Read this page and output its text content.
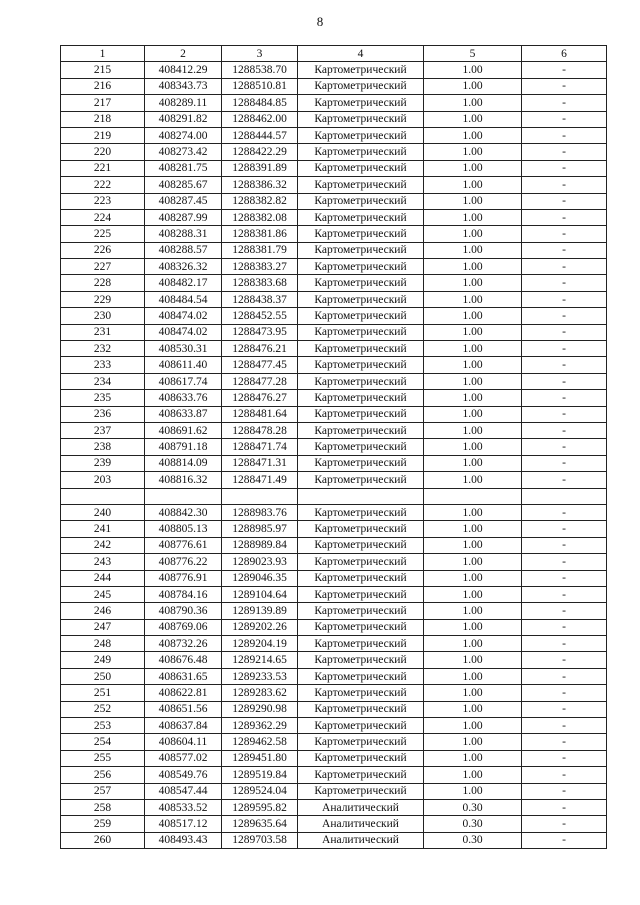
8
1	2	3	4	5	6
215	408412.29	1288538.70	Картометрический	1.00	-
216	408343.73	1288510.81	Картометрический	1.00	-
217	408289.11	1288484.85	Картометрический	1.00	-
218	408291.82	1288462.00	Картометрический	1.00	-
219	408274.00	1288444.57	Картометрический	1.00	-
220	408273.42	1288422.29	Картометрический	1.00	-
221	408281.75	1288391.89	Картометрический	1.00	-
222	408285.67	1288386.32	Картометрический	1.00	-
223	408287.45	1288382.82	Картометрический	1.00	-
224	408287.99	1288382.08	Картометрический	1.00	-
225	408288.31	1288381.86	Картометрический	1.00	-
226	408288.57	1288381.79	Картометрический	1.00	-
227	408326.32	1288383.27	Картометрический	1.00	-
228	408482.17	1288383.68	Картометрический	1.00	-
229	408484.54	1288438.37	Картометрический	1.00	-
230	408474.02	1288452.55	Картометрический	1.00	-
231	408474.02	1288473.95	Картометрический	1.00	-
232	408530.31	1288476.21	Картометрический	1.00	-
233	408611.40	1288477.45	Картометрический	1.00	-
234	408617.74	1288477.28	Картометрический	1.00	-
235	408633.76	1288476.27	Картометрический	1.00	-
236	408633.87	1288481.64	Картометрический	1.00	-
237	408691.62	1288478.28	Картометрический	1.00	-
238	408791.18	1288471.74	Картометрический	1.00	-
239	408814.09	1288471.31	Картометрический	1.00	-
203	408816.32	1288471.49	Картометрический	1.00	-

240	408842.30	1288983.76	Картометрический	1.00	-
241	408805.13	1288985.97	Картометрический	1.00	-
242	408776.61	1288989.84	Картометрический	1.00	-
243	408776.22	1289023.93	Картометрический	1.00	-
244	408776.91	1289046.35	Картометрический	1.00	-
245	408784.16	1289104.64	Картометрический	1.00	-
246	408790.36	1289139.89	Картометрический	1.00	-
247	408769.06	1289202.26	Картометрический	1.00	-
248	408732.26	1289204.19	Картометрический	1.00	-
249	408676.48	1289214.65	Картометрический	1.00	-
250	408631.65	1289233.53	Картометрический	1.00	-
251	408622.81	1289283.62	Картометрический	1.00	-
252	408651.56	1289290.98	Картометрический	1.00	-
253	408637.84	1289362.29	Картометрический	1.00	-
254	408604.11	1289462.58	Картометрический	1.00	-
255	408577.02	1289451.80	Картометрический	1.00	-
256	408549.76	1289519.84	Картометрический	1.00	-
257	408547.44	1289524.04	Картометрический	1.00	-
258	408533.52	1289595.82	Аналитический	0.30	-
259	408517.12	1289635.64	Аналитический	0.30	-
260	408493.43	1289703.58	Аналитический	0.30	-
